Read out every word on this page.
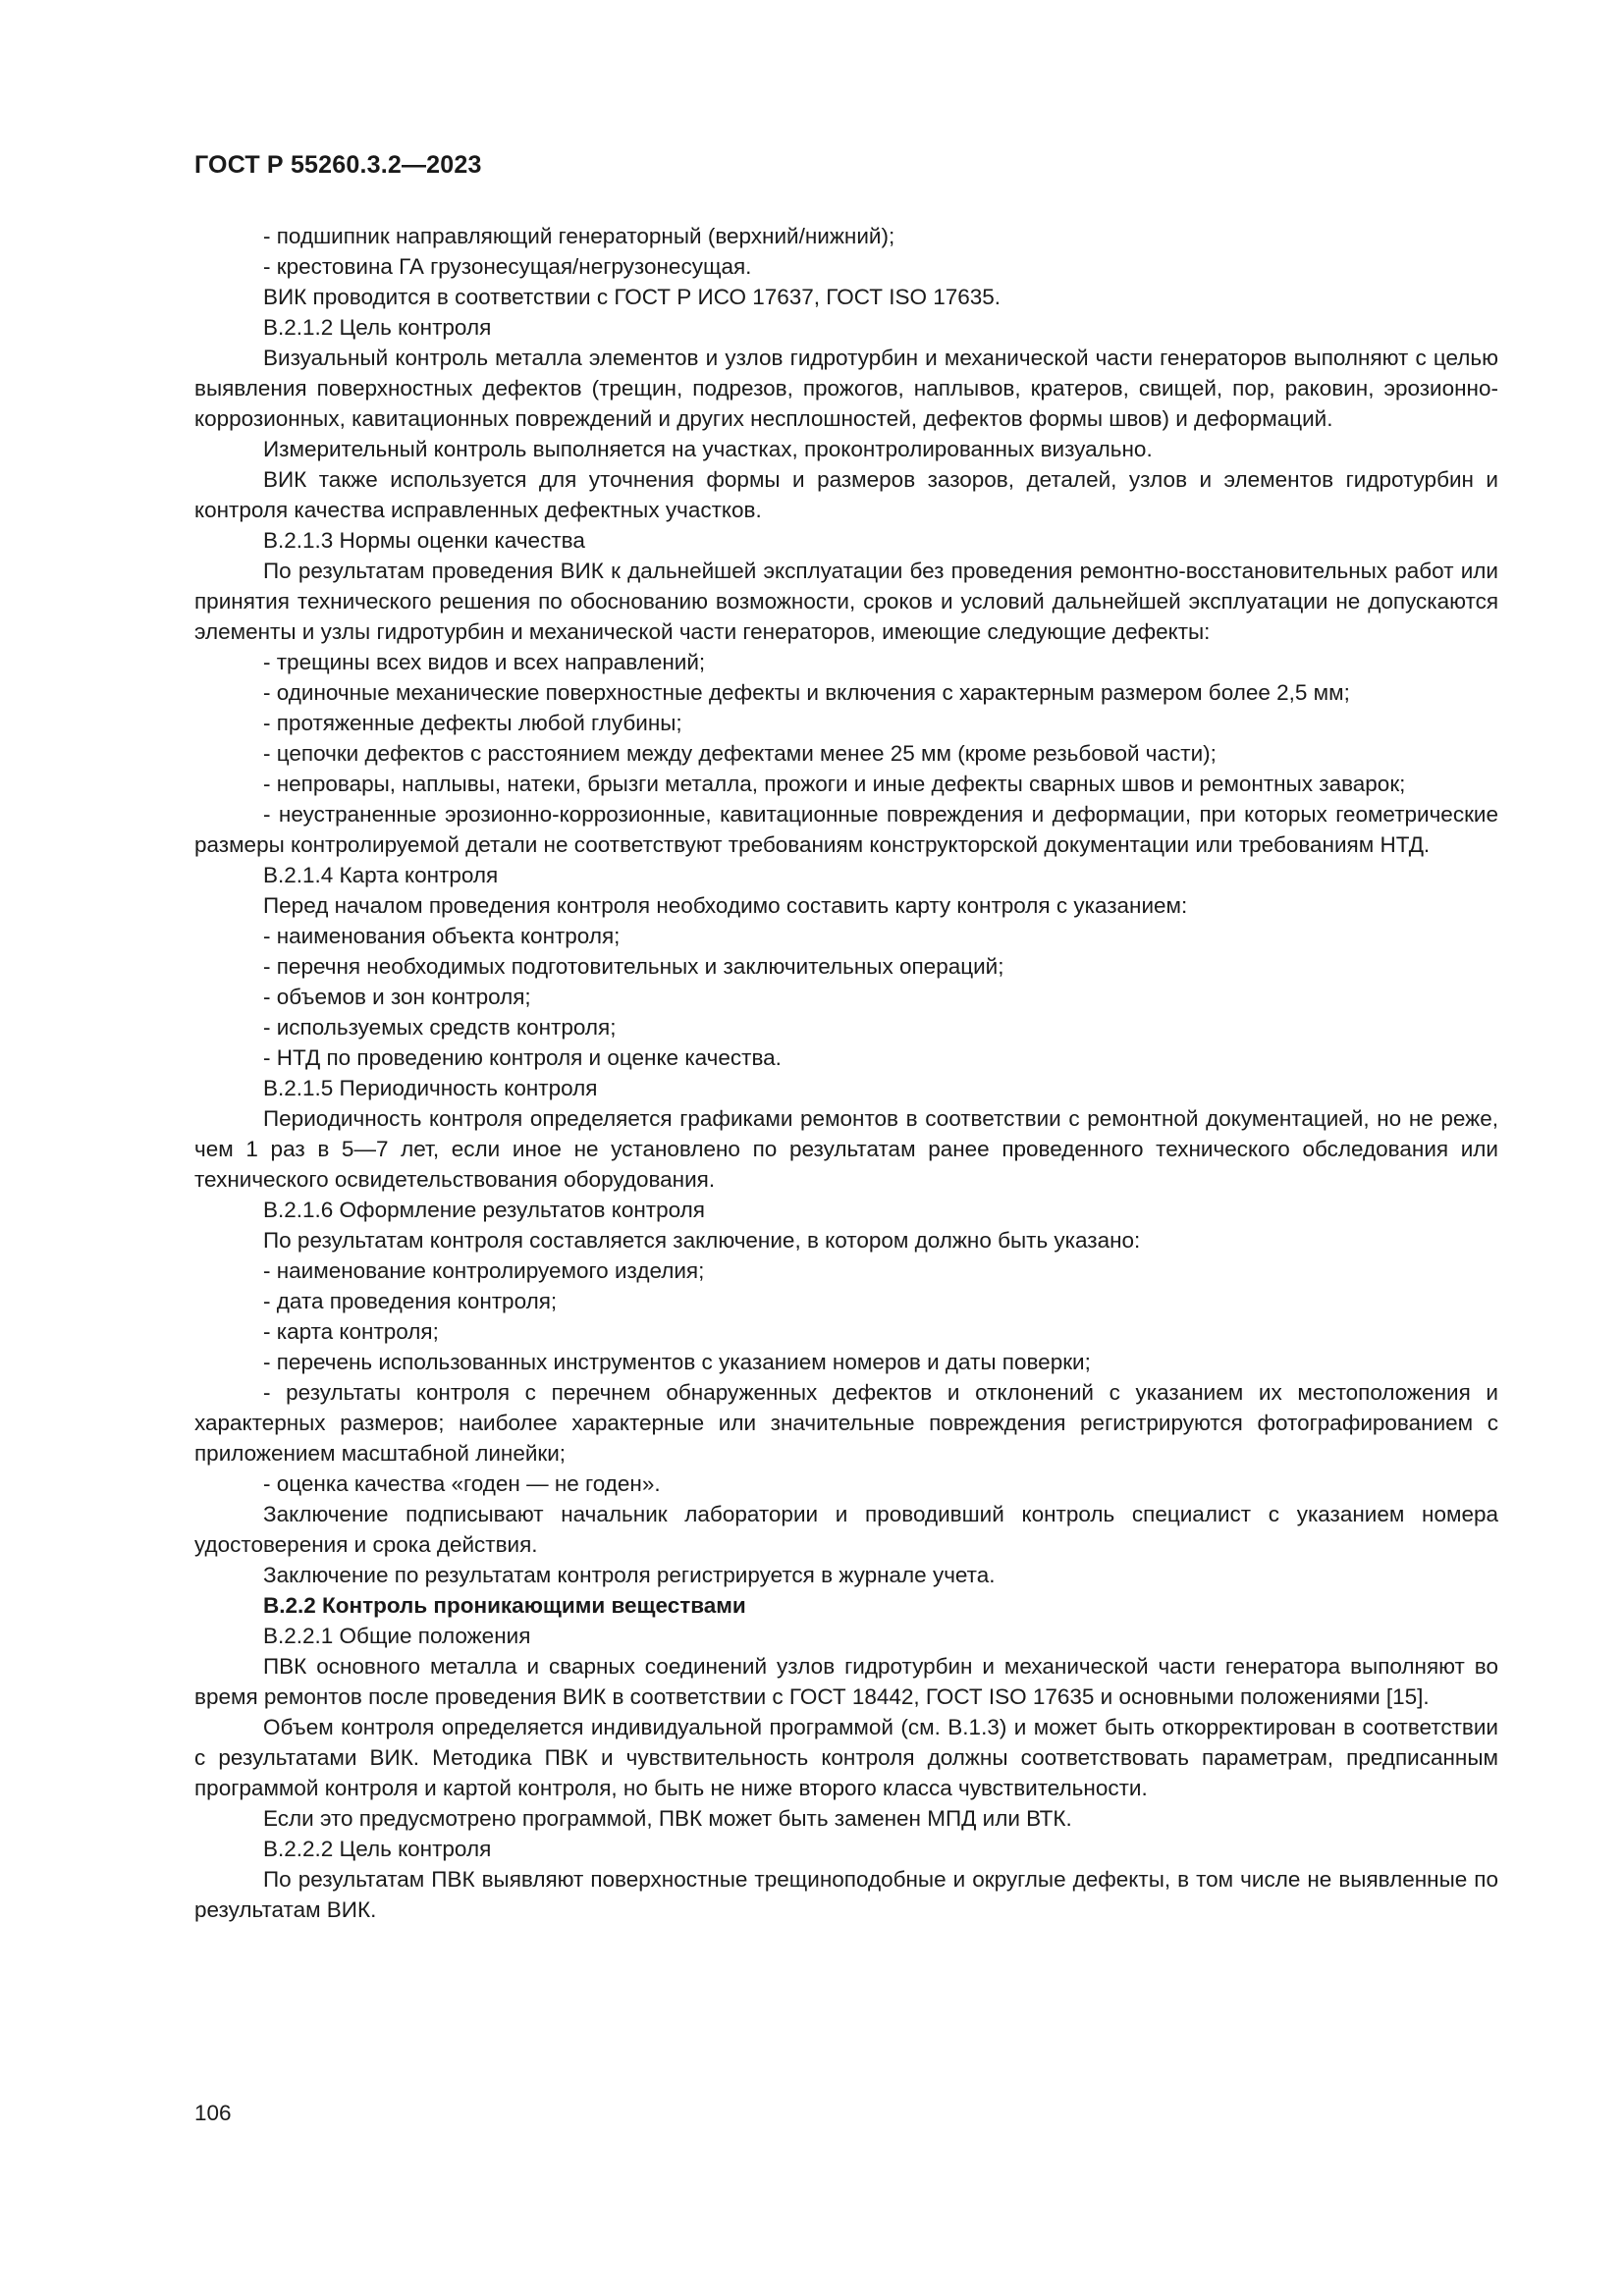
ГОСТ Р 55260.3.2—2023

- подшипник направляющий генераторный (верхний/нижний);

- крестовина ГА грузонесущая/негрузонесущая.

ВИК проводится в соответствии с ГОСТ Р ИСО 17637, ГОСТ ISO 17635.

В.2.1.2 Цель контроля

Визуальный контроль металла элементов и узлов гидротурбин и механической части генераторов выполняют с целью выявления поверхностных дефектов (трещин, подрезов, прожогов, наплывов, кратеров, свищей, пор, раковин, эрозионно-коррозионных, кавитационных повреждений и других несплошностей, дефектов формы швов) и деформаций.

Измерительный контроль выполняется на участках, проконтролированных визуально.

ВИК также используется для уточнения формы и размеров зазоров, деталей, узлов и элементов гидротурбин и контроля качества исправленных дефектных участков.

В.2.1.3 Нормы оценки качества

По результатам проведения ВИК к дальнейшей эксплуатации без проведения ремонтно-восстановительных работ или принятия технического решения по обоснованию возможности, сроков и условий дальнейшей эксплуатации не допускаются элементы и узлы гидротурбин и механической части генераторов, имеющие следующие дефекты:

- трещины всех видов и всех направлений;

- одиночные механические поверхностные дефекты и включения с характерным размером более 2,5 мм;

- протяженные дефекты любой глубины;

- цепочки дефектов с расстоянием между дефектами менее 25 мм (кроме резьбовой части);

- непровары, наплывы, натеки, брызги металла, прожоги и иные дефекты сварных швов и ремонтных заварок;

- неустраненные эрозионно-коррозионные, кавитационные повреждения и деформации, при которых геометрические размеры контролируемой детали не соответствуют требованиям конструкторской документации или требованиям НТД.

В.2.1.4 Карта контроля

Перед началом проведения контроля необходимо составить карту контроля с указанием:

- наименования объекта контроля;

- перечня необходимых подготовительных и заключительных операций;

- объемов и зон контроля;

- используемых средств контроля;

- НТД по проведению контроля и оценке качества.

В.2.1.5 Периодичность контроля

Периодичность контроля определяется графиками ремонтов в соответствии с ремонтной документацией, но не реже, чем 1 раз в 5—7 лет, если иное не установлено по результатам ранее проведенного технического обследования или технического освидетельствования оборудования.

В.2.1.6 Оформление результатов контроля

По результатам контроля составляется заключение, в котором должно быть указано:

- наименование контролируемого изделия;

- дата проведения контроля;

- карта контроля;

- перечень использованных инструментов с указанием номеров и даты поверки;

- результаты контроля с перечнем обнаруженных дефектов и отклонений с указанием их местоположения и характерных размеров; наиболее характерные или значительные повреждения регистрируются фотографированием с приложением масштабной линейки;

- оценка качества «годен — не годен».

Заключение подписывают начальник лаборатории и проводивший контроль специалист с указанием номера удостоверения и срока действия.

Заключение по результатам контроля регистрируется в журнале учета.

В.2.2 Контроль проникающими веществами

В.2.2.1 Общие положения

ПВК основного металла и сварных соединений узлов гидротурбин и механической части генератора выполняют во время ремонтов после проведения ВИК в соответствии с ГОСТ 18442, ГОСТ ISO 17635 и основными положениями [15].

Объем контроля определяется индивидуальной программой (см. В.1.3) и может быть откорректирован в соответствии с результатами ВИК. Методика ПВК и чувствительность контроля должны соответствовать параметрам, предписанным программой контроля и картой контроля, но быть не ниже второго класса чувствительности.

Если это предусмотрено программой, ПВК может быть заменен МПД или ВТК.

В.2.2.2 Цель контроля

По результатам ПВК выявляют поверхностные трещиноподобные и округлые дефекты, в том числе не выявленные по результатам ВИК.

106
